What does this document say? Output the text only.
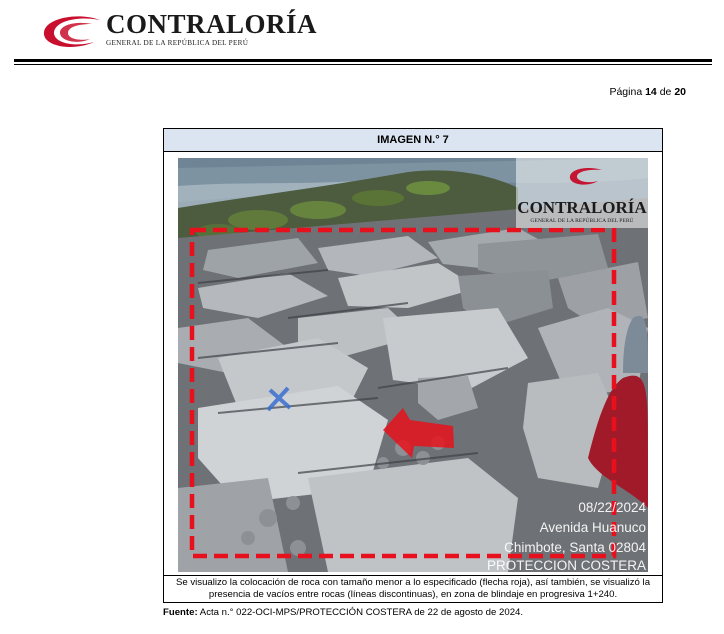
CONTRALORÍA
GENERAL DE LA REPÚBLICA DEL PERÚ
Página 14 de 20
IMAGEN N.° 7
CONTRALORÍA
GENERAL DE LA REPÚBLICA DEL PERÚ
08/22/2024
Avenida Huanuco
Chimbote, Santa 02804
PROTECCION COSTERA
Se visualizo la colocación de roca con tamaño menor a lo especificado (flecha roja), así también, se visualizó la presencia de vacíos entre rocas (líneas discontinuas), en zona de blindaje en progresiva 1+240.
Fuente: Acta n.° 022-OCI-MPS/PROTECCIÓN COSTERA de 22 de agosto de 2024.
